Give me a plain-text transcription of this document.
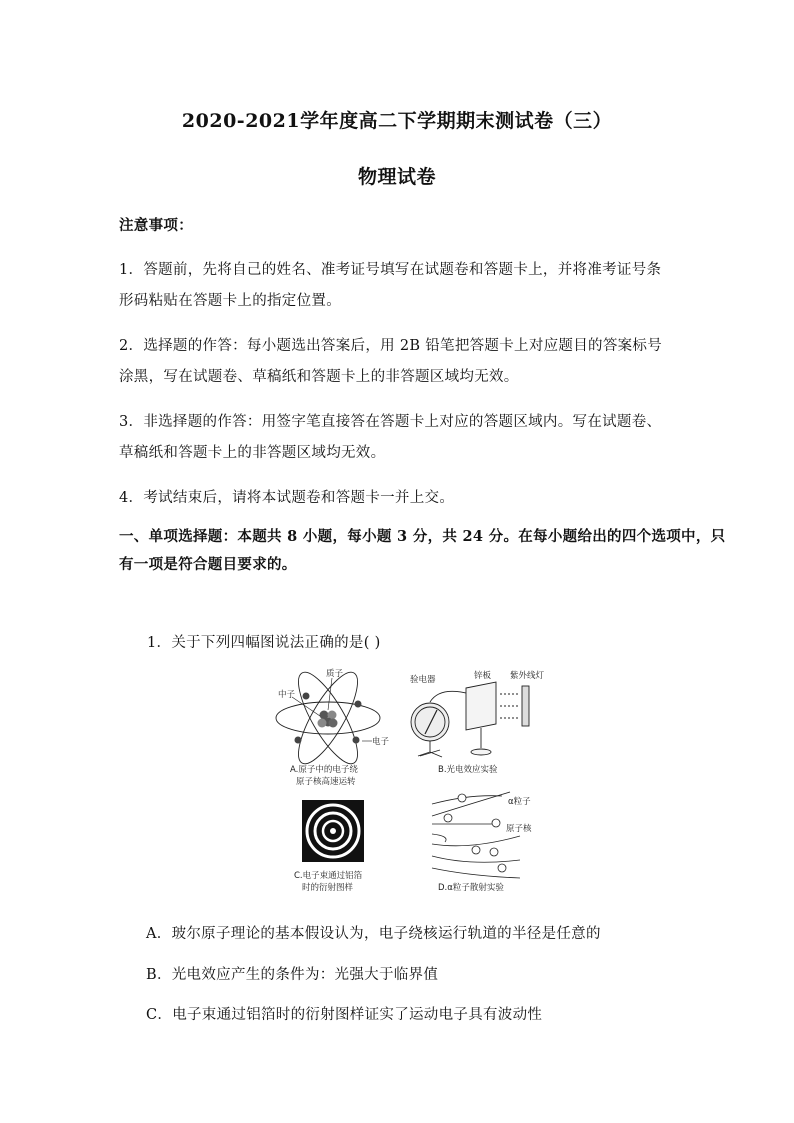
2020-2021学年度高二下学期期末测试卷（三）
物理试卷
注意事项：
1．答题前，先将自己的姓名、准考证号填写在试题卷和答题卡上，并将准考证号条
形码粘贴在答题卡上的指定位置。
2．选择题的作答：每小题选出答案后，用 2B 铅笔把答题卡上对应题目的答案标号
涂黑，写在试题卷、草稿纸和答题卡上的非答题区域均无效。
3．非选择题的作答：用签字笔直接答在答题卡上对应的答题区域内。写在试题卷、
草稿纸和答题卡上的非答题区域均无效。
4．考试结束后，请将本试题卷和答题卡一并上交。
一、单项选择题：本题共 8 小题，每小题 3 分，共 24 分。在每小题给出的四个选项中，只
有一项是符合题目要求的。
1．关于下列四幅图说法正确的是( )
质子
中子
电子
A.原子中的电子绕
原子核高速运转
验电器	锌板 紫外线灯
B.光电效应实验
C.电子束通过铝箔
时的衍射图样
α粒子
原子核
D.α粒子散射实验
A．玻尔原子理论的基本假设认为，电子绕核运行轨道的半径是任意的
B．光电效应产生的条件为：光强大于临界值
C．电子束通过铝箔时的衍射图样证实了运动电子具有波动性
